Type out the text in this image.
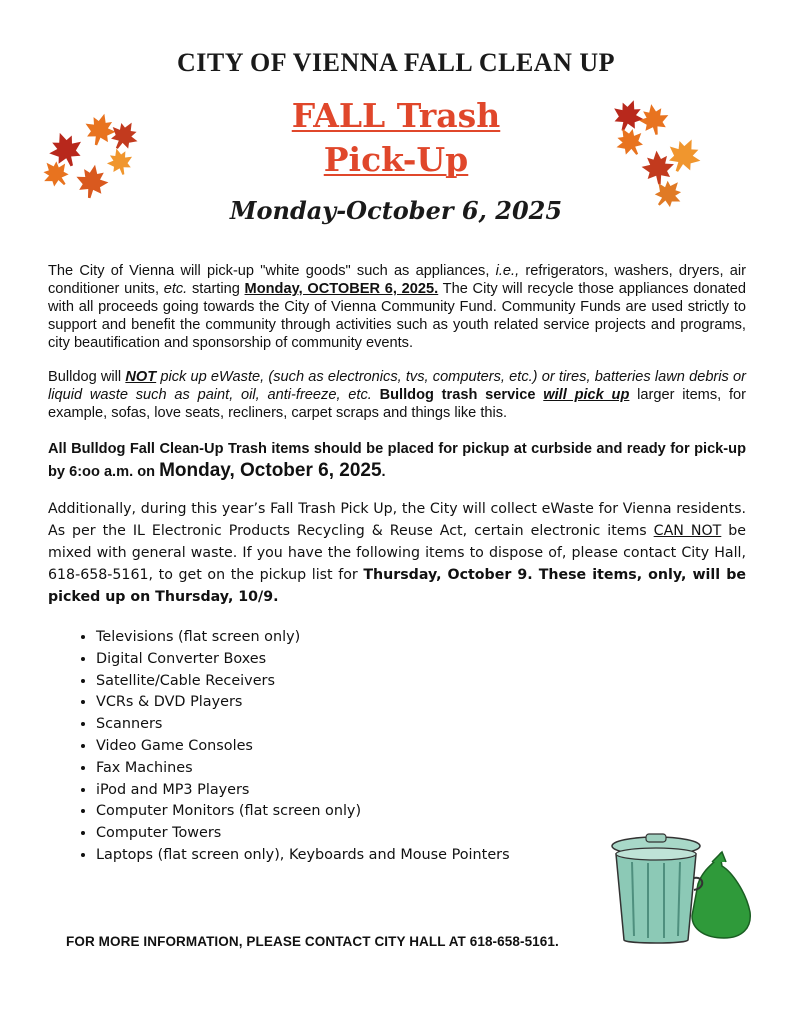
CITY OF VIENNA FALL CLEAN UP
FALL Trash
Pick-Up
Monday-October 6, 2025
The City of Vienna will pick-up "white goods" such as appliances, i.e., refrigerators, washers, dryers, air conditioner units, etc. starting Monday, OCTOBER 6, 2025. The City will recycle those appliances donated with all proceeds going towards the City of Vienna Community Fund. Community Funds are used strictly to support and benefit the community through activities such as youth related service projects and programs, city beautification and sponsorship of community events.
Bulldog will NOT pick up eWaste, (such as electronics, tvs, computers, etc.) or tires, batteries lawn debris or liquid waste such as paint, oil, anti-freeze, etc. Bulldog trash service will pick up larger items, for example, sofas, love seats, recliners, carpet scraps and things like this.
All Bulldog Fall Clean-Up Trash items should be placed for pickup at curbside and ready for pick-up by 6:oo a.m. on Monday, October 6, 2025.
Additionally, during this year’s Fall Trash Pick Up, the City will collect eWaste for Vienna residents. As per the IL Electronic Products Recycling & Reuse Act, certain electronic items CAN NOT be mixed with general waste. If you have the following items to dispose of, please contact City Hall, 618-658-5161, to get on the pickup list for Thursday, October 9. These items, only, will be picked up on Thursday, 10/9.
• Televisions (flat screen only)
• Digital Converter Boxes
• Satellite/Cable Receivers
• VCRs & DVD Players
• Scanners
• Video Game Consoles
• Fax Machines
• iPod and MP3 Players
• Computer Monitors (flat screen only)
• Computer Towers
• Laptops (flat screen only), Keyboards and Mouse Pointers
FOR MORE INFORMATION, PLEASE CONTACT CITY HALL AT 618-658-5161.
